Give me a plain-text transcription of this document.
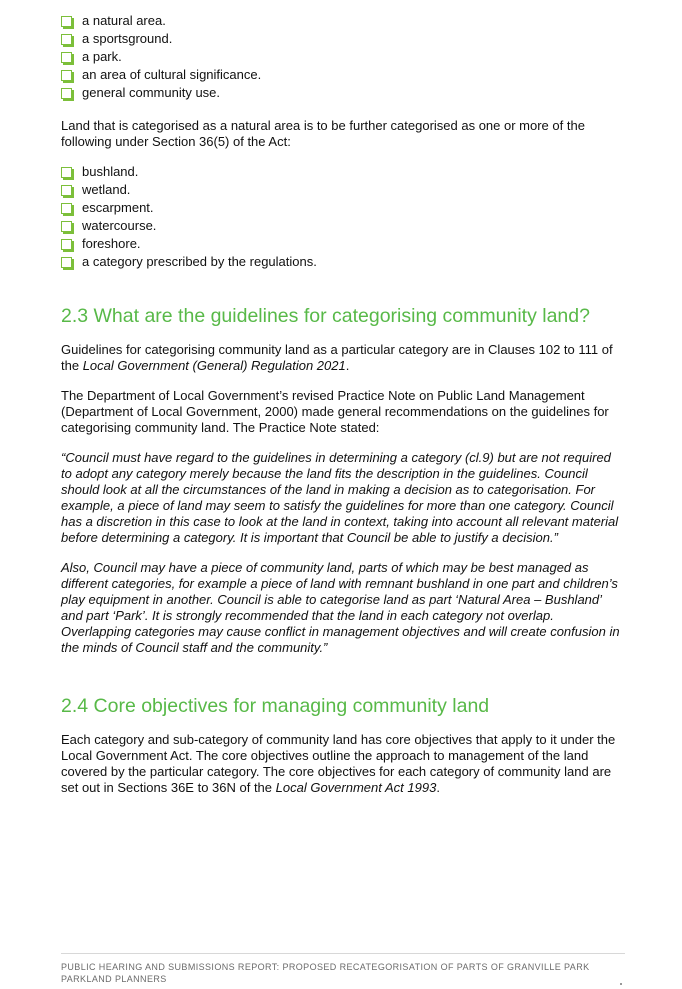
a natural area.
a sportsground.
a park.
an area of cultural significance.
general community use.

Land that is categorised as a natural area is to be further categorised as one or more of the following under Section 36(5) of the Act:

bushland.
wetland.
escarpment.
watercourse.
foreshore.
a category prescribed by the regulations.
2.3 What are the guidelines for categorising community land?

Guidelines for categorising community land as a particular category are in Clauses 102 to 111 of the Local Government (General) Regulation 2021.

The Department of Local Government’s revised Practice Note on Public Land Management (Department of Local Government, 2000) made general recommendations on the guidelines for categorising community land. The Practice Note stated:

“Council must have regard to the guidelines in determining a category (cl.9) but are not required to adopt any category merely because the land fits the description in the guidelines. Council should look at all the circumstances of the land in making a decision as to categorisation. For example, a piece of land may seem to satisfy the guidelines for more than one category. Council has a discretion in this case to look at the land in context, taking into account all relevant material before determining a category. It is important that Council be able to justify a decision.”

Also, Council may have a piece of community land, parts of which may be best managed as different categories, for example a piece of land with remnant bushland in one part and children’s play equipment in another. Council is able to categorise land as part ‘Natural Area – Bushland’ and part ‘Park’. It is strongly recommended that the land in each category not overlap. Overlapping categories may cause conflict in management objectives and will create confusion in the minds of Council staff and the community.”

2.4 Core objectives for managing community land

Each category and sub-category of community land has core objectives that apply to it under the Local Government Act. The core objectives outline the approach to management of the land covered by the particular category. The core objectives for each category of community land are set out in Sections 36E to 36N of the Local Government Act 1993.

PUBLIC HEARING AND SUBMISSIONS REPORT: PROPOSED RECATEGORISATION OF PARTS OF GRANVILLE PARK
PARKLAND PLANNERS
